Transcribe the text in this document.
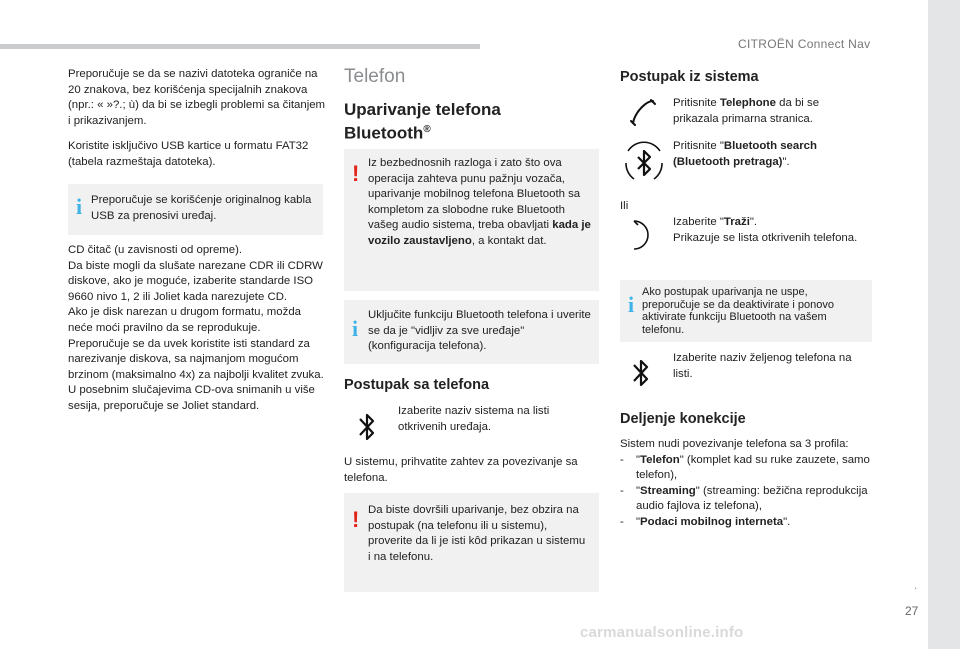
CITROËN Connect Nav
.
27

Preporučuje se da se nazivi datoteka ograniče na 20 znakova, bez korišćenja specijalnih znakova (npr.: « »?.; ù) da bi se izbegli problemi sa čitanjem i prikazivanjem.

Koristite isključivo USB kartice u formatu FAT32 (tabela razmeštaja datoteka).

i Preporučuje se korišćenje originalnog kabla USB za prenosivi uređaj.

CD čitač (u zavisnosti od opreme).

Da biste mogli da slušate narezane CDR ili CDRW diskove, ako je moguće, izaberite standarde ISO 9660 nivo 1, 2 ili Joliet kada narezujete CD.

Ako je disk narezan u drugom formatu, možda neće moći pravilno da se reprodukuje.

Preporučuje se da uvek koristite isti standard za narezivanje diskova, sa najmanjom mogućom brzinom (maksimalno 4x) za najbolji kvalitet zvuka.

U posebnim slučajevima CD-ova snimanih u više sesija, preporučuje se Joliet standard.

Telefon
Uparivanje telefona
Bluetooth®
! Iz bezbednosnih razloga i zato što ova operacija zahteva punu pažnju vozača, uparivanje mobilnog telefona Bluetooth sa kompletom za slobodne ruke Bluetooth vašeg audio sistema, treba obavljati kada je vozilo zaustavljeno, a kontakt dat.

i

Uključite funkciju Bluetooth telefona i uverite se da je "vidljiv za sve uređaje" (konfiguracija telefona).

Postupak sa telefona

Izaberite naziv sistema na listi otkrivenih uređaja.

U sistemu, prihvatite zahtev za povezivanje sa telefona.

! Da biste dovršili uparivanje, bez obzira na postupak (na telefonu ili u sistemu), proverite da li je isti kôd prikazan u sistemu i na telefonu.

Postupak iz sistema

Pritisnite Telephone da bi se prikazala primarna stranica.

Pritisnite "Bluetooth search (Bluetooth pretraga)".

Ili

Izaberite "Traži".
Prikazuje se lista otkrivenih telefona.

i Ako postupak uparivanja ne uspe, preporučuje se da deaktivirate i ponovo aktivirate funkciju Bluetooth na vašem telefonu.

Izaberite naziv željenog telefona na listi.

Deljenje konekcije

Sistem nudi povezivanje telefona sa 3 profila:

- "Telefon" (komplet kad su ruke zauzete, samo telefon),

- "Streaming" (streaming: bežična reprodukcija audio fajlova iz telefona),

- "Podaci mobilnog interneta".

carmanualsonline.info
